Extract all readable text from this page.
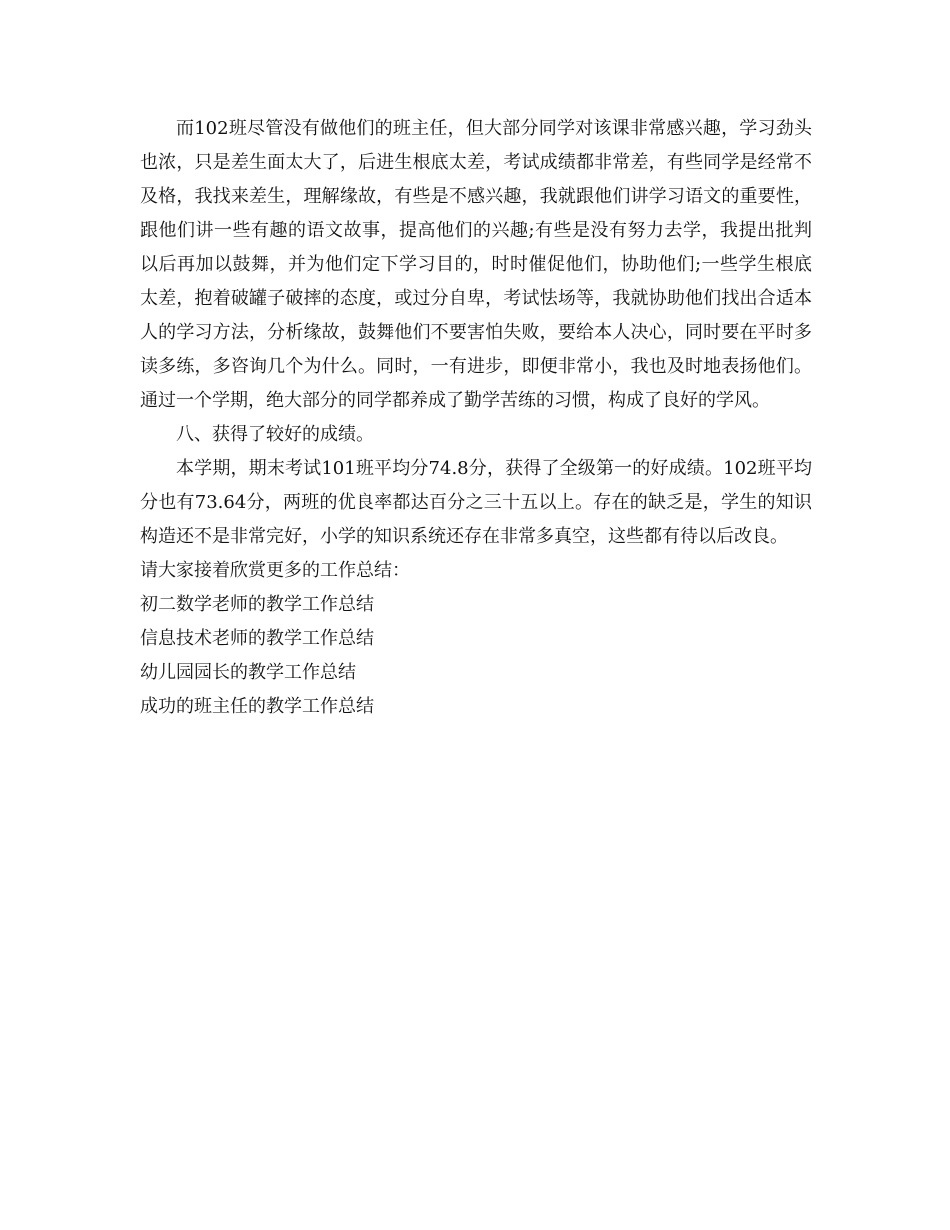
而102班尽管没有做他们的班主任，但大部分同学对该课非常感兴趣，学习劲头也浓，只是差生面太大了，后进生根底太差，考试成绩都非常差，有些同学是经常不及格，我找来差生，理解缘故，有些是不感兴趣，我就跟他们讲学习语文的重要性，跟他们讲一些有趣的语文故事，提高他们的兴趣;有些是没有努力去学，我提出批判以后再加以鼓舞，并为他们定下学习目的，时时催促他们，协助他们;一些学生根底太差，抱着破罐子破摔的态度，或过分自卑，考试怯场等，我就协助他们找出合适本人的学习方法，分析缘故，鼓舞他们不要害怕失败，要给本人决心，同时要在平时多读多练，多咨询几个为什么。同时，一有进步，即便非常小，我也及时地表扬他们。通过一个学期，绝大部分的同学都养成了勤学苦练的习惯，构成了良好的学风。

八、获得了较好的成绩。

本学期，期末考试101班平均分74.8分，获得了全级第一的好成绩。102班平均分也有73.64分，两班的优良率都达百分之三十五以上。存在的缺乏是，学生的知识构造还不是非常完好，小学的知识系统还存在非常多真空，这些都有待以后改良。

请大家接着欣赏更多的工作总结：

初二数学老师的教学工作总结
信息技术老师的教学工作总结
幼儿园园长的教学工作总结
成功的班主任的教学工作总结
